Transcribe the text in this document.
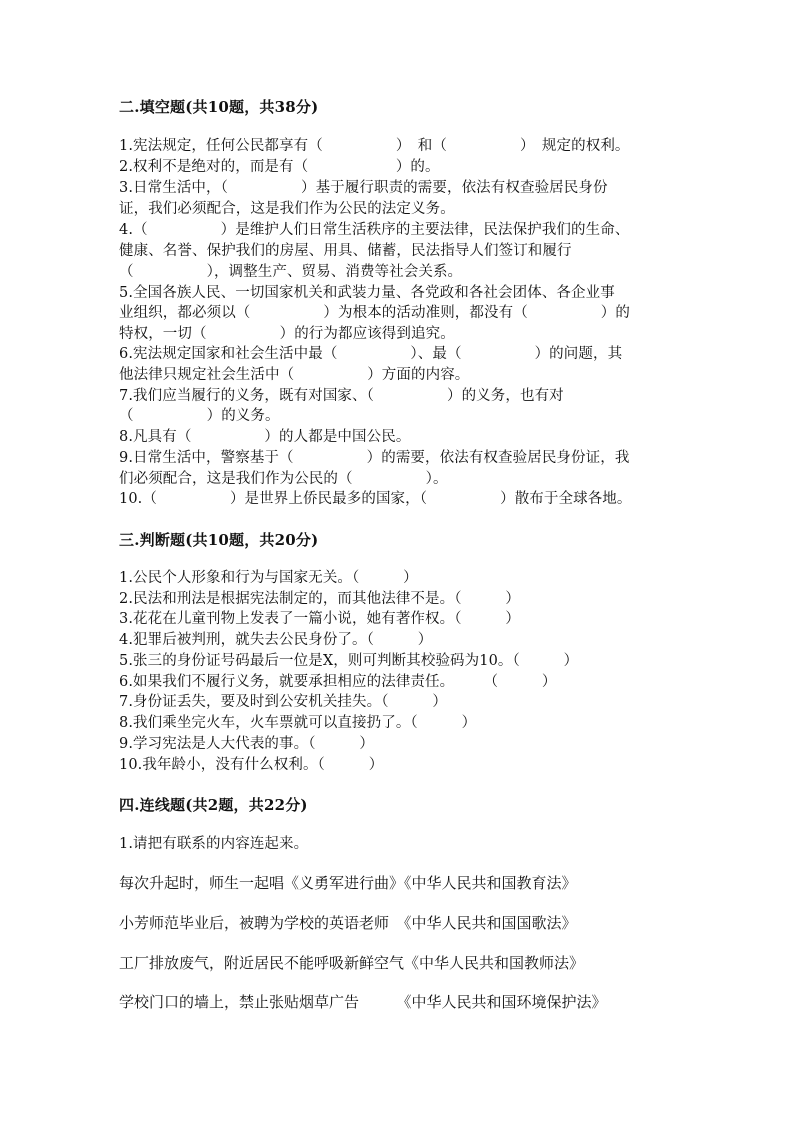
二.填空题(共10题，共38分)
1.宪法规定，任何公民都享有（　　　　　）　和（　　　　　）　规定的权利。
2.权利不是绝对的，而是有（　　　　　　）的。
3.日常生活中，（　　　　　）基于履行职责的需要，依法有权查验居民身份
证，我们必须配合，这是我们作为公民的法定义务。
4.（　　　　　）是维护人们日常生活秩序的主要法律，民法保护我们的生命、
健康、名誉、保护我们的房屋、用具、储蓄，民法指导人们签订和履行
（　　　　　），调整生产、贸易、消费等社会关系。
5.全国各族人民、一切国家机关和武装力量、各党政和各社会团体、各企业事
业组织，都必须以（　　　　　）为根本的活动准则，都没有（　　　　　）的
特权，一切（　　　　　）的行为都应该得到追究。
6.宪法规定国家和社会生活中最（　　　　　）、最（　　　　　）的问题，其
他法律只规定社会生活中（　　　　　）方面的内容。
7.我们应当履行的义务，既有对国家、（　　　　　）的义务，也有对
（　　　　　）的义务。
8.凡具有（　　　　　）的人都是中国公民。
9.日常生活中，警察基于（　　　　　）的需要，依法有权查验居民身份证，我
们必须配合，这是我们作为公民的（　　　　　）。
10.（　　　　　）是世界上侨民最多的国家，（　　　　　）散布于全球各地。
三.判断题(共10题，共20分)
1.公民个人形象和行为与国家无关。（　　　）
2.民法和刑法是根据宪法制定的，而其他法律不是。（　　　）
3.花花在儿童刊物上发表了一篇小说，她有著作权。（　　　）
4.犯罪后被判刑，就失去公民身份了。（　　　）
5.张三的身份证号码最后一位是X，则可判断其校验码为10。（　　　）
6.如果我们不履行义务，就要承担相应的法律责任。　　　（　　　）
7.身份证丢失，要及时到公安机关挂失。（　　　）
8.我们乘坐完火车，火车票就可以直接扔了。（　　　）
9.学习宪法是人大代表的事。（　　　）
10.我年龄小，没有什么权利。（　　　）
四.连线题(共2题，共22分)
1.请把有联系的内容连起来。
每次升起时，师生一起唱《义勇军进行曲》《中华人民共和国教育法》
小芳师范毕业后，被聘为学校的英语老师　《中华人民共和国国歌法》
工厂排放废气，附近居民不能呼吸新鲜空气《中华人民共和国教师法》
学校门口的墙上，禁止张贴烟草广告　　　《中华人民共和国环境保护法》
